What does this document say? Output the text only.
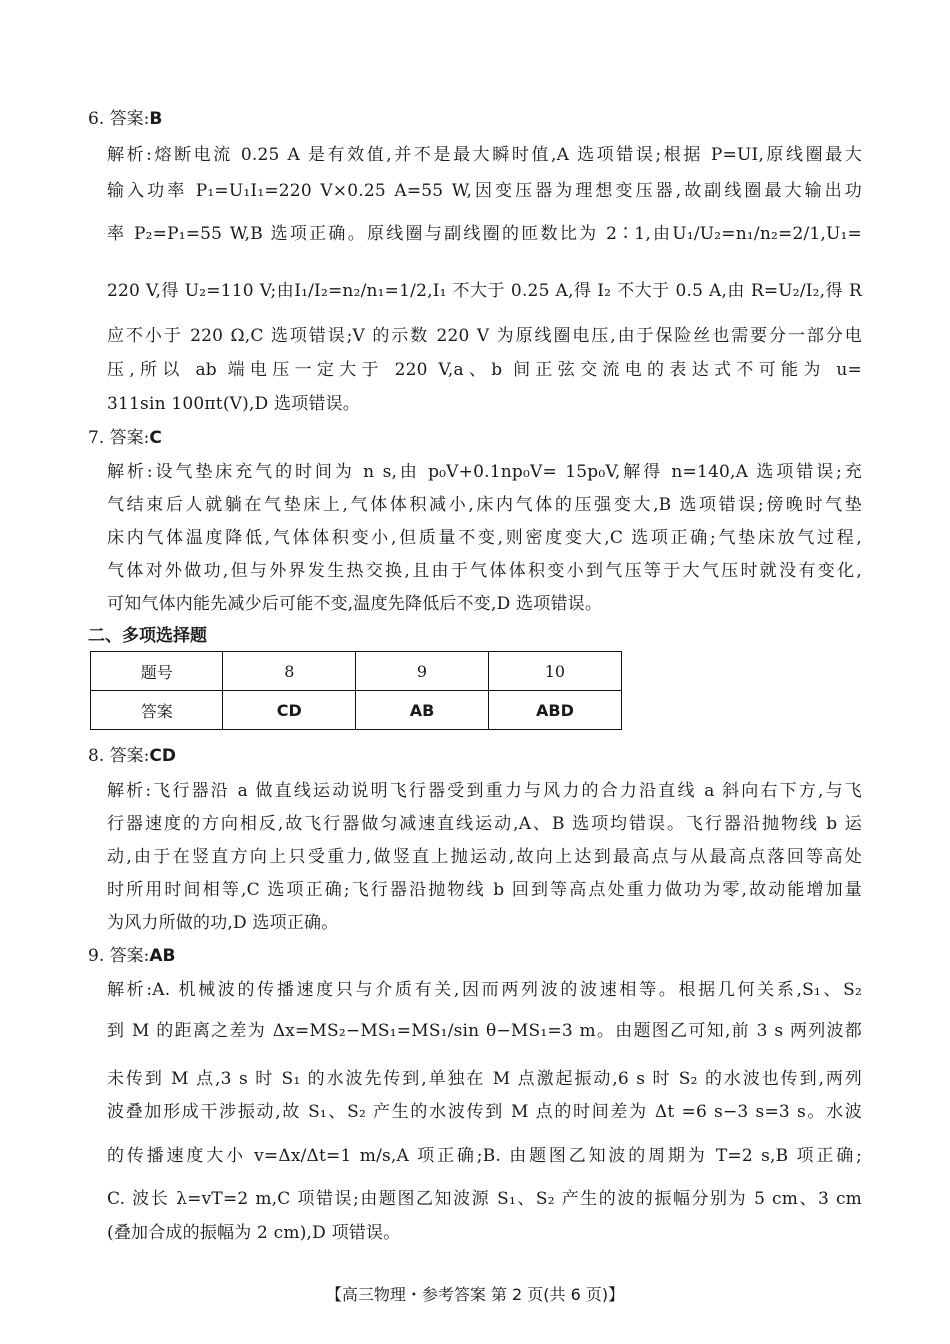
6. 答案:B
解析:熔断电流 0.25 A 是有效值,并不是最大瞬时值,A 选项错误;根据 P=UI,原线圈最大
输入功率 P₁=U₁I₁=220 V×0.25 A=55 W,因变压器为理想变压器,故副线圈最大输出功
率 P₂=P₁=55 W,B 选项正确。原线圈与副线圈的匝数比为 2∶1,由U₁/U₂=n₁/n₂=2/1,U₁=
220 V,得 U₂=110 V;由I₁/I₂=n₂/n₁=1/2,I₁ 不大于 0.25 A,得 I₂ 不大于 0.5 A,由 R=U₂/I₂,得 R
应不小于 220 Ω,C 选项错误;V 的示数 220 V 为原线圈电压,由于保险丝也需要分一部分电
压,所以 ab 端电压一定大于 220 V,a、b 间正弦交流电的表达式不可能为 u=
311sin 100πt(V),D 选项错误。
7. 答案:C
解析:设气垫床充气的时间为 n s,由 p₀V+0.1np₀V= 15p₀V,解得 n=140,A 选项错误;充
气结束后人就躺在气垫床上,气体体积减小,床内气体的压强变大,B 选项错误;傍晚时气垫
床内气体温度降低,气体体积变小,但质量不变,则密度变大,C 选项正确;气垫床放气过程,
气体对外做功,但与外界发生热交换,且由于气体体积变小到气压等于大气压时就没有变化,
可知气体内能先减少后可能不变,温度先降低后不变,D 选项错误。
二、多项选择题
题号	8	9	10
答案	CD	AB	ABD
8. 答案:CD
解析:飞行器沿 a 做直线运动说明飞行器受到重力与风力的合力沿直线 a 斜向右下方,与飞
行器速度的方向相反,故飞行器做匀减速直线运动,A、B 选项均错误。飞行器沿抛物线 b 运
动,由于在竖直方向上只受重力,做竖直上抛运动,故向上达到最高点与从最高点落回等高处
时所用时间相等,C 选项正确;飞行器沿抛物线 b 回到等高点处重力做功为零,故动能增加量
为风力所做的功,D 选项正确。
9. 答案:AB
解析:A. 机械波的传播速度只与介质有关,因而两列波的波速相等。根据几何关系,S₁、S₂
到 M 的距离之差为 Δx=MS₂−MS₁=MS₁/sin θ−MS₁=3 m。由题图乙可知,前 3 s 两列波都
未传到 M 点,3 s 时 S₁ 的水波先传到,单独在 M 点激起振动,6 s 时 S₂ 的水波也传到,两列
波叠加形成干涉振动,故 S₁、S₂ 产生的水波传到 M 点的时间差为 Δt =6 s−3 s=3 s。水波
的传播速度大小 v=Δx/Δt=1 m/s,A 项正确;B. 由题图乙知波的周期为 T=2 s,B 项正确;
C. 波长 λ=vT=2 m,C 项错误;由题图乙知波源 S₁、S₂ 产生的波的振幅分别为 5 cm、3 cm
(叠加合成的振幅为 2 cm),D 项错误。
【高三物理・参考答案 第 2 页(共 6 页)】
